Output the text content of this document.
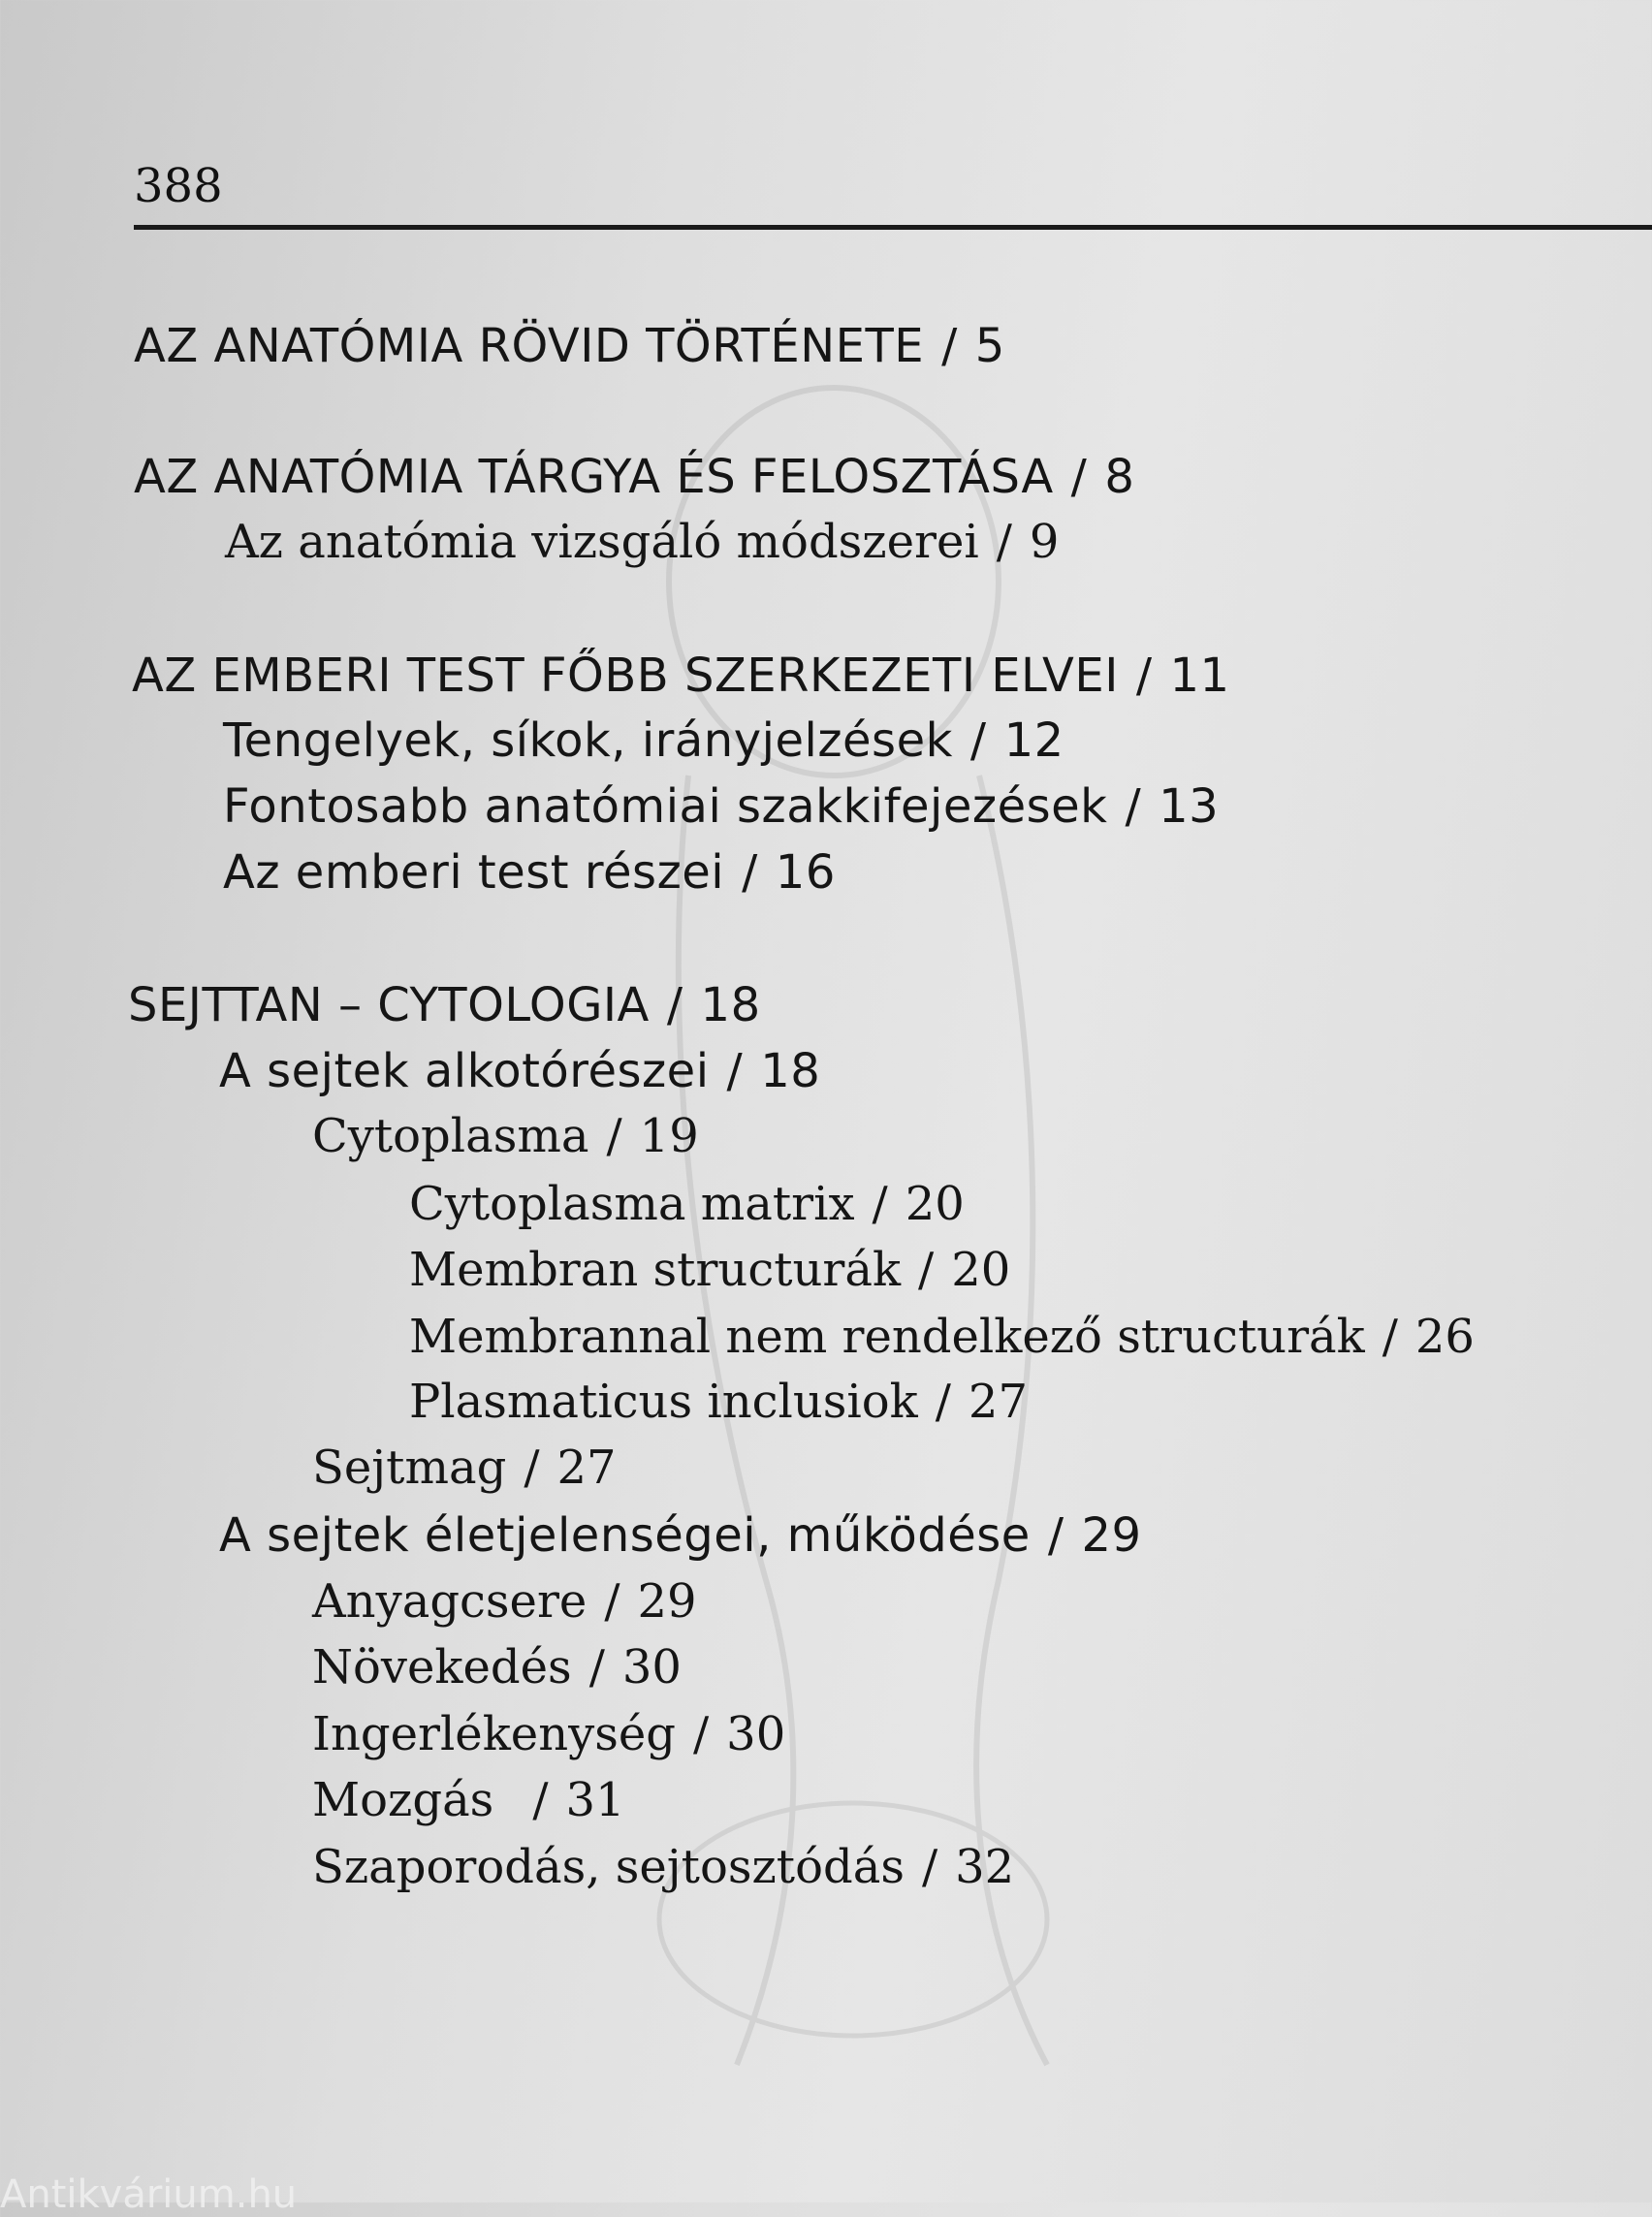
388
AZ ANATÓMIA RÖVID TÖRTÉNETE / 5
AZ ANATÓMIA TÁRGYA ÉS FELOSZTÁSA / 8
Az anatómia vizsgáló módszerei / 9
AZ EMBERI TEST FŐBB SZERKEZETI ELVEI / 11
Tengelyek, síkok, irányjelzések / 12
Fontosabb anatómiai szakkifejezések / 13
Az emberi test részei / 16
SEJTTAN – CYTOLOGIA / 18
A sejtek alkotórészei / 18
Cytoplasma / 19
Cytoplasma matrix / 20
Membran structurák / 20
Membrannal nem rendelkező structurák / 26
Plasmaticus inclusiok / 27
Sejtmag / 27
A sejtek életjelenségei, működése / 29
Anyagcsere / 29
Növekedés / 30
Ingerlékenység / 30
Mozgás / 31
Szaporodás, sejtosztódás / 32
Antikvárium.hu
